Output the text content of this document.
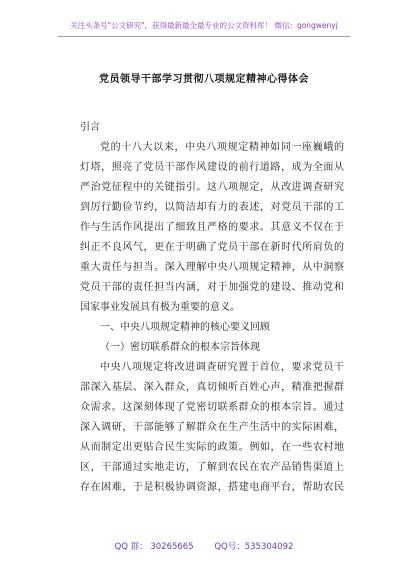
关注头条号"公文研究"，获得最新最全最专业的公文资料库！ 微信：gongwenyj
党员领导干部学习贯彻八项规定精神心得体会
引言
党的十八大以来，中央八项规定精神如同一座巍峨的
灯塔，照亮了党员干部作风建设的前行道路，成为全面从
严治党征程中的关键指引。这八项规定，从改进调查研究
到厉行勤俭节约，以简洁却有力的表述，对党员干部的工
作与生活作风提出了细致且严格的要求。其意义不仅在于
纠正不良风气，更在于明确了党员干部在新时代所肩负的
重大责任与担当。深入理解中央八项规定精神，从中洞察
党员干部的责任担当内涵，对于加强党的建设、推动党和
国家事业发展具有极为重要的意义。
一、中央八项规定精神的核心要义回顾
（一）密切联系群众的根本宗旨体现
中央八项规定将改进调查研究置于首位，要求党员干
部深入基层、深入群众，真切倾听百姓心声，精准把握群
众需求。这深刻体现了党密切联系群众的根本宗旨。通过
深入调研，干部能够了解群众在生产生活中的实际困难，
从而制定出更贴合民生实际的政策。例如，在一些农村地
区，干部通过实地走访，了解到农民在农产品销售渠道上
存在困难，于是积极协调资源，搭建电商平台，帮助农民
QQ 群： 30265665 QQ号：535304092
